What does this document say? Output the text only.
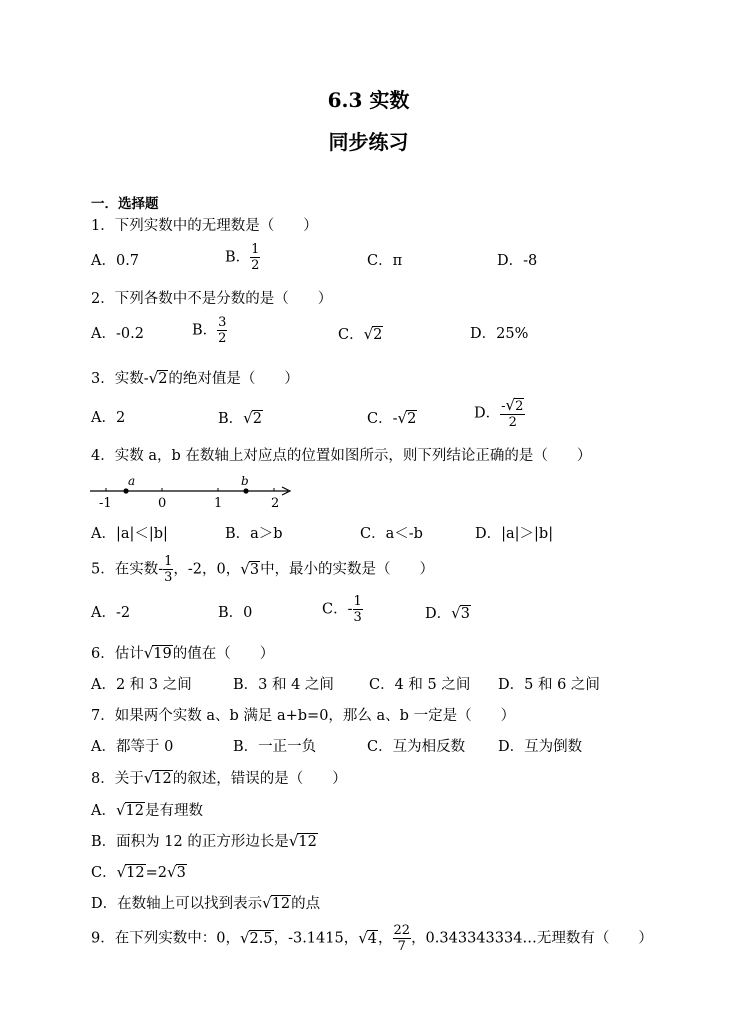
6.3 实数
同步练习
一．选择题
1．下列实数中的无理数是（　　）
A．0.7	B． $\frac{1}{2}$	C．π	D．-8
2．下列各数中不是分数的是（　　）
A．-0.2	B． $\frac{3}{2}$	C．√2	D．25%
3．实数-√2的绝对值是（　　）
A．2	B．√2	C．-√2	D． $\frac{-√2}{2}$
4．实数 a，b 在数轴上对应点的位置如图所示，则下列结论正确的是（　　）
a	b
-1	0	1	2
A．|a|＜|b|	B．a＞b	C．a＜-b	D．|a|＞|b|
5．在实数- $\frac{1}{3}$ ，-2，0，√3中，最小的实数是（　　）
A．-2	B．0	C．- $\frac{1}{3}$	D．√3
6．估计√19的值在（　　）
A．2 和 3 之间	B．3 和 4 之间 C．4 和 5 之间 D．5 和 6 之间
7．如果两个实数 a、b 满足 a+b=0，那么 a、b 一定是（　　）
A．都等于 0	B．一正一负	C．互为相反数 D．互为倒数
8．关于√12的叙述，错误的是（　　）
A．√12是有理数
B．面积为 12 的正方形边长是√12
C．√12=2√3
D．在数轴上可以找到表示√12的点
9．在下列实数中：0，√2.5，-3.1415，√4， $\frac{22}{7}$ ，0.343343334…无理数有（　　）
